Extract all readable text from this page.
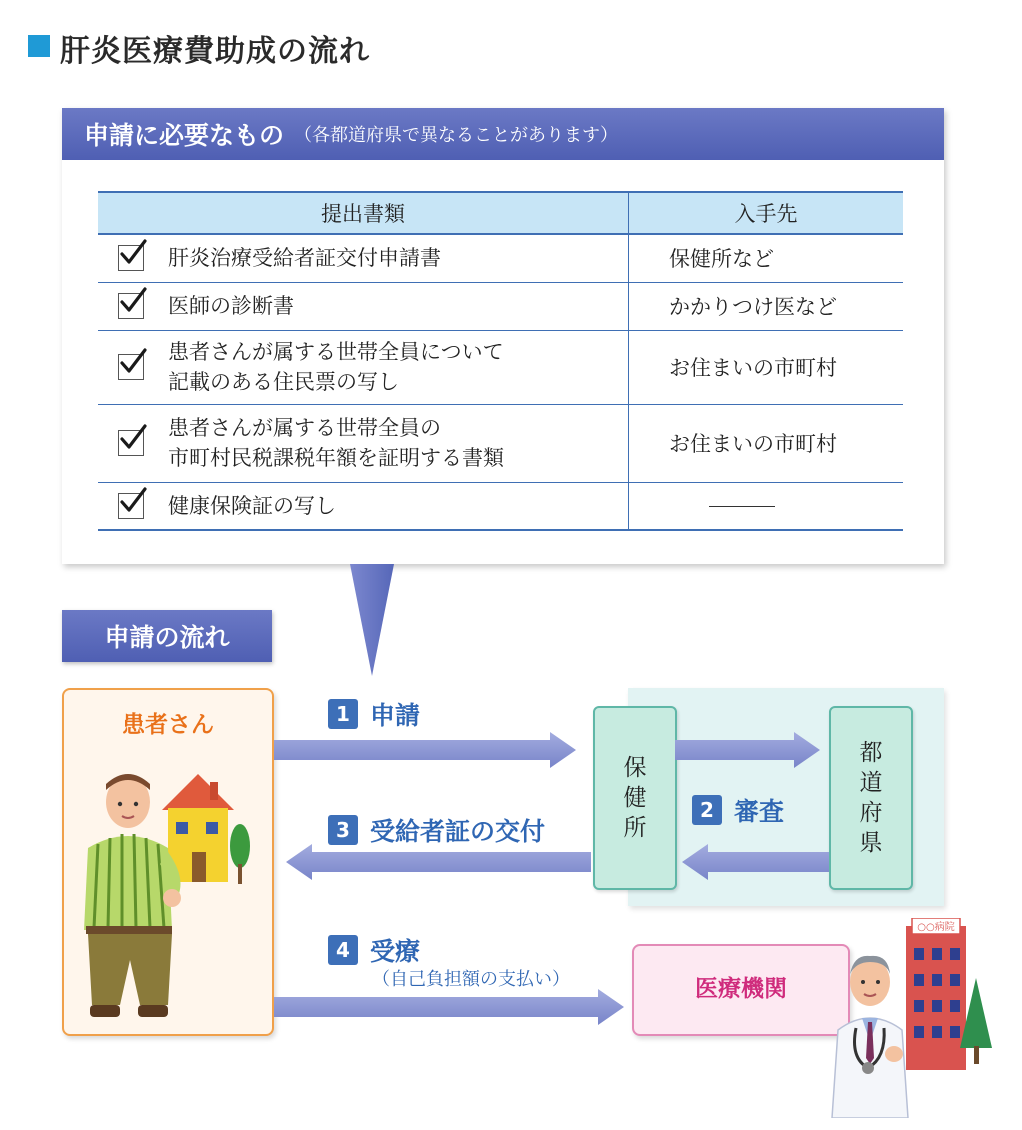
肝炎医療費助成の流れ
申請に必要なもの （各都道府県で異なることがあります）
提出書類	入手先

肝炎治療受給者証交付申請書	保健所など

医師の診断書	かかりつけ医など

患者さんが属する世帯全員について
記載のある住民票の写し	お住まいの市町村

患者さんが属する世帯全員の
市町村民税課税年額を証明する書類	お住まいの市町村

健康保険証の写し	

申請の流れ
患者さん
保
健
所
都
道
府
県
医療機関
1 申請
2 審査
3 受給者証の交付
4 受療
（自己負担額の支払い）
○○病院
